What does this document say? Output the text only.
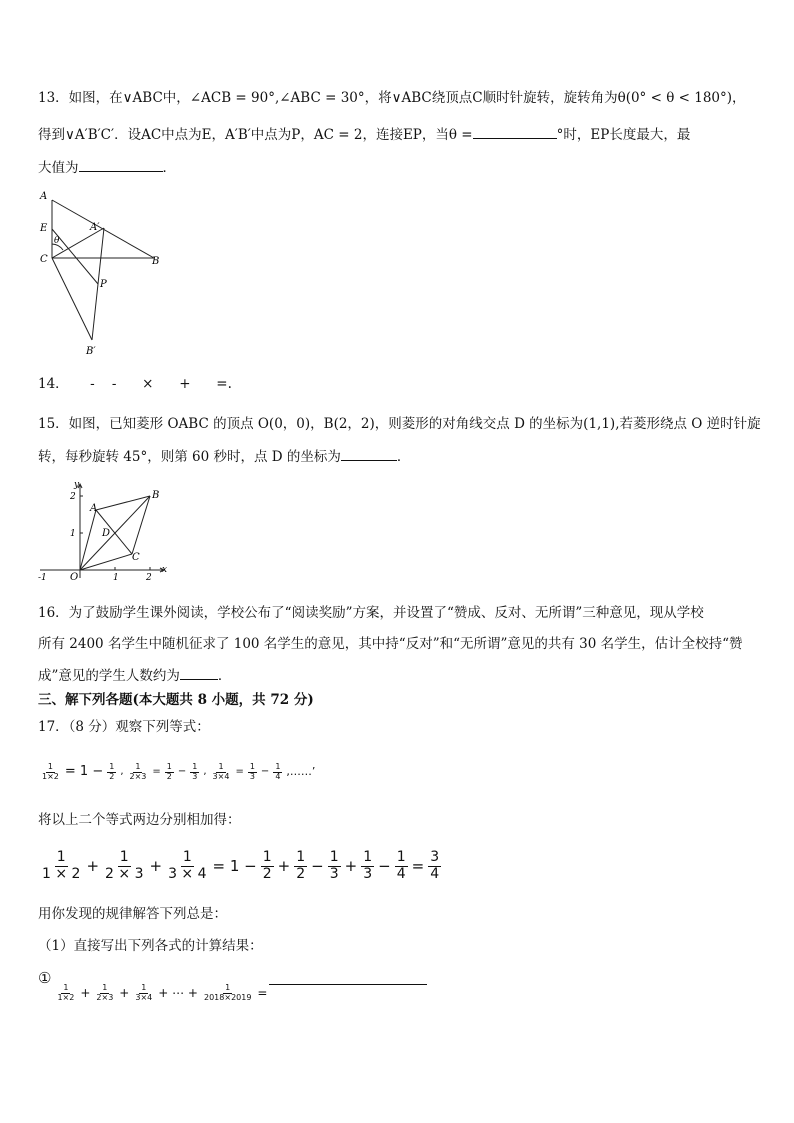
13．如图，在∨ABC中，∠ACB = 90°,∠ABC = 30°，将∨ABC绕顶点C顺时针旋转，旋转角为θ(0° < θ < 180°)，
得到∨A′B′C′．设AC中点为E，A′B′中点为P，AC = 2，连接EP，当θ =	°时，EP长度最大，最
大值为	．
A
E
θ
A′
C	B
P
B′
14．     -    -      ×      +      =.
15．如图，已知菱形 OABC 的顶点 O(0，0)，B(2，2)，则菱形的对角线交点 D 的坐标为(1,1),若菱形绕点 O 逆时针旋
转，每秒旋转 45°，则第 60 秒时，点 D 的坐标为	．
y
x
O
A
B
C
D
2
1
-1	1	2
16．为了鼓励学生课外阅读，学校公布了“阅读奖励”方案，并设置了“赞成、反对、无所谓”三种意见，现从学校
所有 2400 名学生中随机征求了 100 名学生的意见，其中持“反对”和“无所谓”意见的共有 30 名学生，估计全校持“赞
成”意见的学生人数约为	．
三、解下列各题(本大题共 8 小题，共 72 分)
17．（8 分）观察下列等式：
$\frac{1}{1\times 2} = 1 - \frac{1}{2}$ , $\frac{1}{2\times 3} = \frac{1}{2} - \frac{1}{3}$ , $\frac{1}{3\times 4} = \frac{1}{3} - \frac{1}{4}$ ,……’
将以上二个等式两边分别相加得：
$\frac{1}{1 \times 2} + \frac{1}{2 \times 3} + \frac{1}{3 \times 4} = 1 - \frac{1}{2} + \frac{1}{2} - \frac{1}{3} + \frac{1}{3} - \frac{1}{4} = \frac{3}{4}$
用你发现的规律解答下列总是：
（1）直接写出下列各式的计算结果：
①
$\frac{1}{1\times 2} + \frac{1}{2\times 3} + \frac{1}{3\times 4}$ + ⋯ + $\frac{1}{2018\times 2019}$ =
